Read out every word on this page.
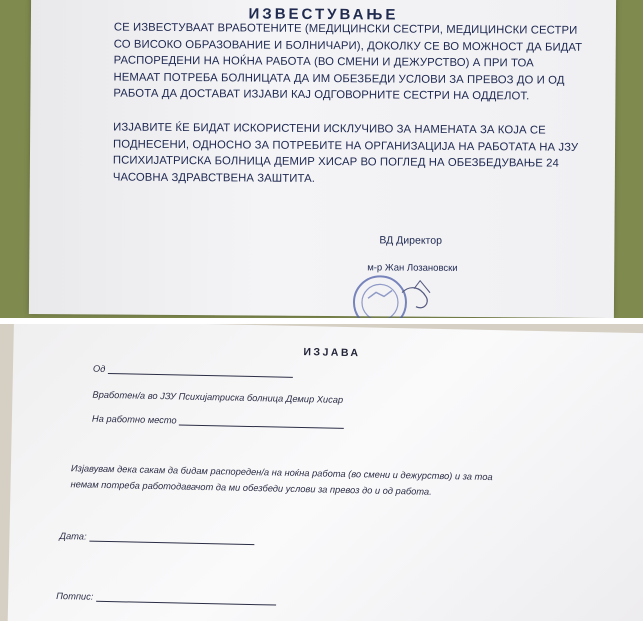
ИЗВЕСТУВАЊЕ
СЕ ИЗВЕСТУВААТ ВРАБОТЕНИТЕ (МЕДИЦИНСКИ СЕСТРИ, МЕДИЦИНСКИ СЕСТРИ СО ВИСОКО ОБРАЗОВАНИЕ И БОЛНИЧАРИ), ДОКОЛКУ СЕ ВО МОЖНОСТ ДА БИДАТ РАСПОРЕДЕНИ НА НОЌНА РАБОТА (ВО СМЕНИ И ДЕЖУРСТВО) А ПРИ ТОА НЕМААТ ПОТРЕБА БОЛНИЦАТА ДА ИМ ОБЕЗБЕДИ УСЛОВИ ЗА ПРЕВОЗ ДО И ОД РАБОТА ДА ДОСТАВАТ ИЗЈАВИ КАЈ ОДГОВОРНИТЕ СЕСТРИ НА ОДДЕЛОТ.
ИЗЈАВИТЕ ЌЕ БИДАТ ИСКОРИСТЕНИ ИСКЛУЧИВО ЗА НАМЕНАТА ЗА КОЈА СЕ ПОДНЕСЕНИ, ОДНОСНО ЗА ПОТРЕБИТЕ НА ОРГАНИЗАЦИЈА НА РАБОТАТА НА ЈЗУ ПСИХИЈАТРИСКА БОЛНИЦА ДЕМИР ХИСАР ВО ПОГЛЕД НА ОБЕЗБЕДУВАЊЕ 24 ЧАСОВНА ЗДРАВСТВЕНА ЗАШТИТА.
ВД Директор
м-р Жан Лозановски
ИЗЈАВА
Од
Вработен/а во ЈЗУ Психијатриска болница Демир Хисар
На работно место
Изјавувам дека сакам да бидам распореден/а на ноќна работа (во смени и дежурство) и за тоа
немам потреба работодавачот да ми обезбеди услови за превоз до и од работа.
Дата:
Потпис:
